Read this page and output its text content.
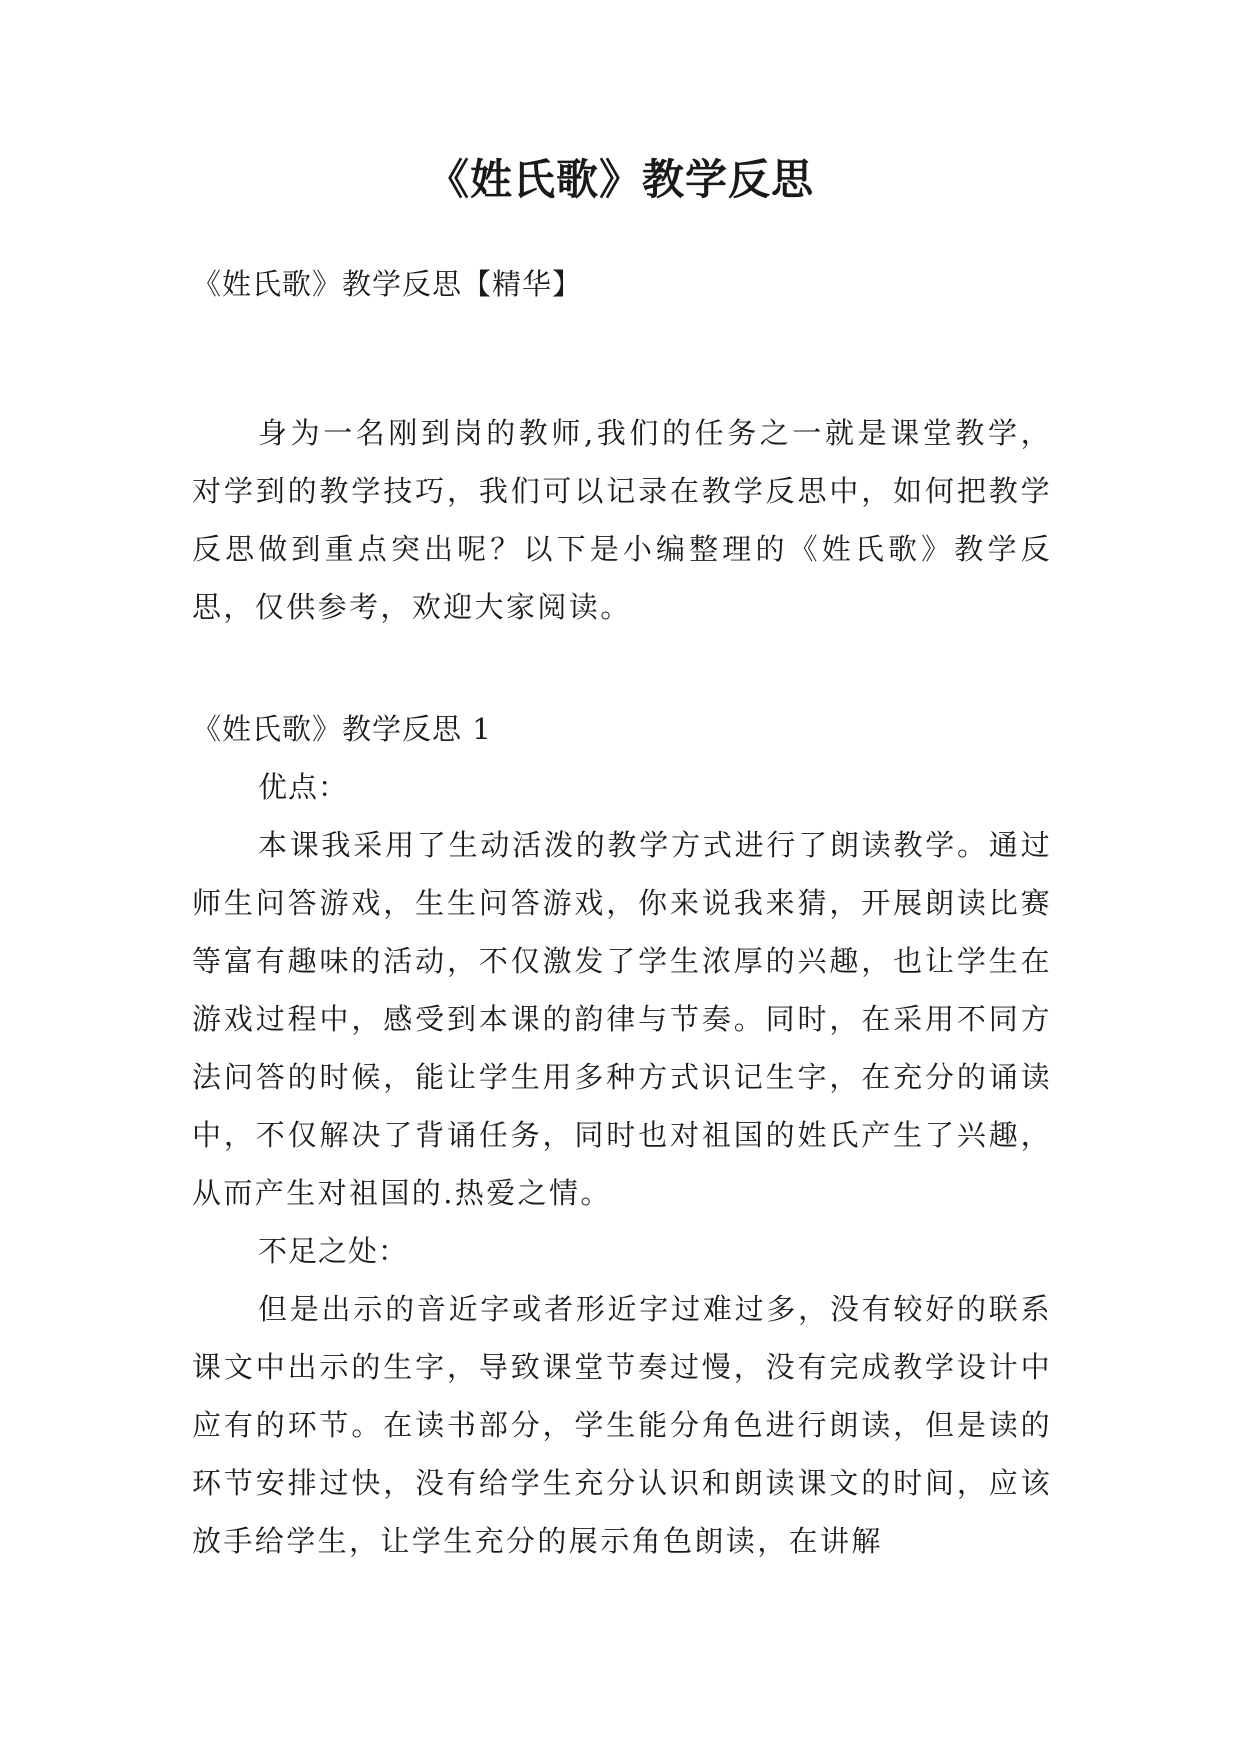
《姓氏歌》教学反思
《姓氏歌》教学反思【精华】

身为一名刚到岗的教师,我们的任务之一就是课堂教学，对学到的教学技巧，我们可以记录在教学反思中，如何把教学反思做到重点突出呢？以下是小编整理的《姓氏歌》教学反思，仅供参考，欢迎大家阅读。

《姓氏歌》教学反思 1
优点：

本课我采用了生动活泼的教学方式进行了朗读教学。通过师生问答游戏，生生问答游戏，你来说我来猜，开展朗读比赛等富有趣味的活动，不仅激发了学生浓厚的兴趣，也让学生在游戏过程中，感受到本课的韵律与节奏。同时，在采用不同方法问答的时候，能让学生用多种方式识记生字，在充分的诵读中，不仅解决了背诵任务，同时也对祖国的姓氏产生了兴趣，从而产生对祖国的.热爱之情。

不足之处：

但是出示的音近字或者形近字过难过多，没有较好的联系课文中出示的生字，导致课堂节奏过慢，没有完成教学设计中应有的环节。在读书部分，学生能分角色进行朗读，但是读的环节安排过快，没有给学生充分认识和朗读课文的时间，应该放手给学生，让学生充分的展示角色朗读，在讲解
